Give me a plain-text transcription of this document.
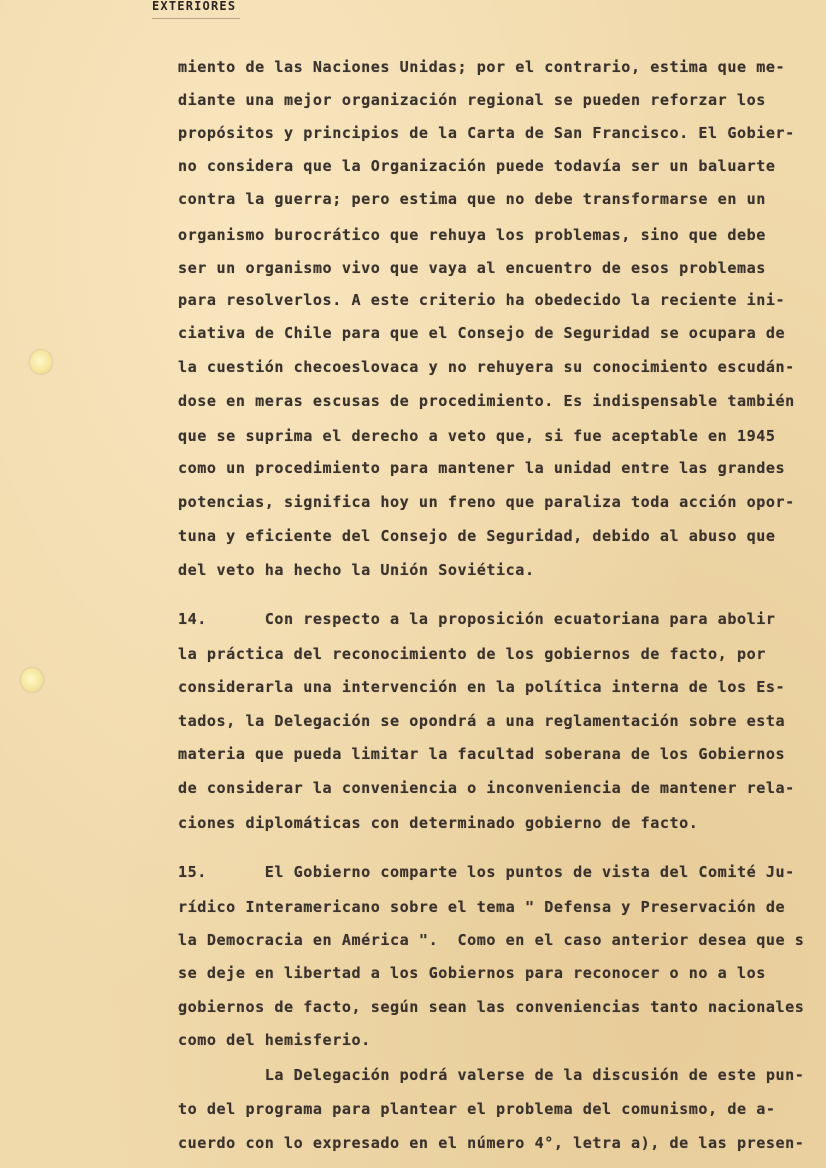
EXTERIORES
miento de las Naciones Unidas; por el contrario, estima que me-
diante una mejor organización regional se pueden reforzar los
propósitos y principios de la Carta de San Francisco. El Gobier-
no considera que la Organización puede todavía ser un baluarte
contra la guerra; pero estima que no debe transformarse en un
organismo burocrático que rehuya los problemas, sino que debe
ser un organismo vivo que vaya al encuentro de esos problemas
para resolverlos. A este criterio ha obedecido la reciente ini-
ciativa de Chile para que el Consejo de Seguridad se ocupara de
la cuestión checoeslovaca y no rehuyera su conocimiento escudán-
dose en meras escusas de procedimiento. Es indispensable también
que se suprima el derecho a veto que, si fue aceptable en 1945
como un procedimiento para mantener la unidad entre las grandes
potencias, significa hoy un freno que paraliza toda acción opor-
tuna y eficiente del Consejo de Seguridad, debido al abuso que
del veto ha hecho la Unión Soviética.
14.      Con respecto a la proposición ecuatoriana para abolir
la práctica del reconocimiento de los gobiernos de facto, por
considerarla una intervención en la política interna de los Es-
tados, la Delegación se opondrá a una reglamentación sobre esta
materia que pueda limitar la facultad soberana de los Gobiernos
de considerar la conveniencia o inconveniencia de mantener rela-
ciones diplomáticas con determinado gobierno de facto.
15.      El Gobierno comparte los puntos de vista del Comité Ju-
rídico Interamericano sobre el tema " Defensa y Preservación de
la Democracia en América ".  Como en el caso anterior desea que s
se deje en libertad a los Gobiernos para reconocer o no a los
gobiernos de facto, según sean las conveniencias tanto nacionales
como del hemisferio.
La Delegación podrá valerse de la discusión de este pun-
to del programa para plantear el problema del comunismo, de a-
cuerdo con lo expresado en el número 4°, letra a), de las presen-
